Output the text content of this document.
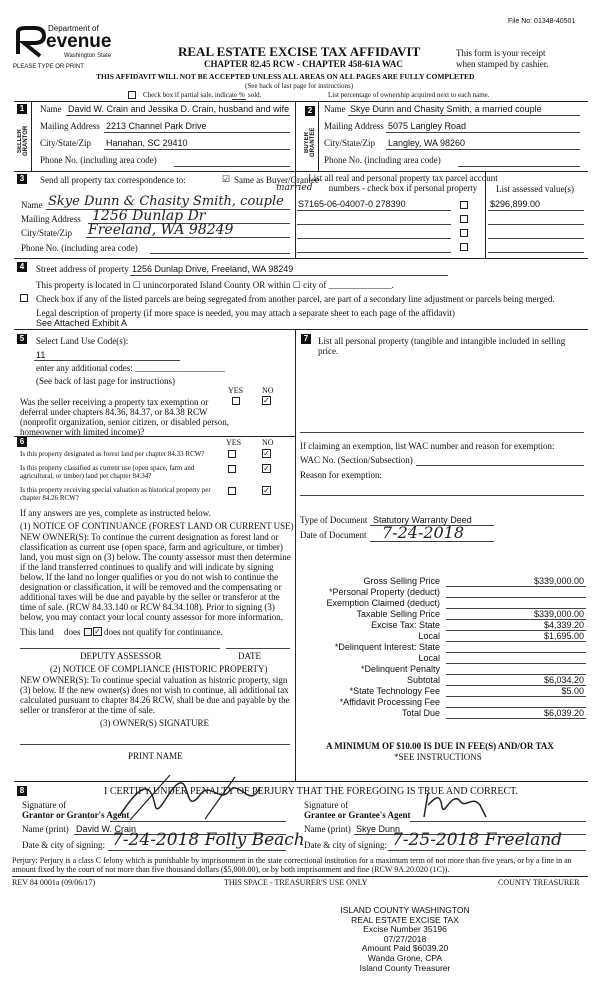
File No: 01348-40501
Department of
evenue
Washington State
PLEASE TYPE OR PRINT
REAL ESTATE EXCISE TAX AFFIDAVIT
CHAPTER 82.45 RCW - CHAPTER 458-61A WAC
This form is your receipt
when stamped by cashier.
THIS AFFIDAVIT WILL NOT BE ACCEPTED UNLESS ALL AREAS ON ALL PAGES ARE FULLY COMPLETED
(See back of last page for instructions)
Check box if partial sale, indicate % sold.	List percentage of ownership acquired next to each name.
1
SELLER GRANTOR
Name David W. Crain and Jessika D. Crain, husband and wife
Mailing Address 2213 Channel Park Drive
City/State/Zip Hanahan, SC 29410
Phone No. (including area code)
2
BUYER GRANTEE
Name Skye Dunn and Chasity Smith, a married couple
Mailing Address 5075 Langley Road
City/State/Zip Langley, WA 98260
Phone No. (including area code)
3	Send all property tax correspondence to:	☑ Same as Buyer/Grantee
married
Name Skye Dunn & Chasity Smith, couple
Mailing Address 1256 Dunlap Dr
City/State/Zip Freeland, WA 98249
Phone No. (including area code)
List all real and personal property tax parcel account numbers - check box if personal property	List assessed value(s)
S7165-06-04007-0 278390	$296,899.00
4	Street address of property 1256 Dunlap Drive, Freeland, WA 98249
This property is located in ☐ unincorporated Island County OR within ☐ city of ______________.
Check box if any of the listed parcels are being segregated from another parcel, are part of a secondary line adjustment or parcels being merged.
Legal description of property (if more space is needed, you may attach a separate sheet to each page of the affidavit)
See Attached Exhibit A
5	Select Land Use Code(s):
11
enter any additional codes: ____________________
(See back of last page for instructions)
YES NO
Was the seller receiving a property tax exemption or deferral under chapters 84.36, 84.37, or 84.38 RCW (nonprofit organization, senior citizen, or disabled person, homeowner with limited income)?
✓
6	YES	NO
Is this property designated as forest land per chapter 84.33 RCW?	✓
Is this property classified as current use (open space, farm and agricultural, or timber) land per chapter 84.34?
✓
Is this property receiving special valuation as historical property per chapter 84.26 RCW?
✓
If any answers are yes, complete as instructed below.
(1) NOTICE OF CONTINUANCE (FOREST LAND OR CURRENT USE)
NEW OWNER(S): To continue the current designation as forest land or classification as current use (open space, farm and agriculture, or timber) land, you must sign on (3) below. The county assessor must then determine if the land transferred continues to qualify and will indicate by signing below. If the land no longer qualifies or you do not wish to continue the designation or classification, it will be removed and the compensating or additional taxes will be due and payable by the seller or transferor at the time of sale. (RCW 84.33.140 or RCW 84.34.108). Prior to signing (3) below, you may contact your local county assessor for more information.
This land does ✓ does not qualify for continuance.
DEPUTY ASSESSOR	DATE
(2) NOTICE OF COMPLIANCE (HISTORIC PROPERTY)
NEW OWNER(S): To continue special valuation as historic property, sign (3) below. If the new owner(s) does not wish to continue, all additional tax calculated pursuant to chapter 84.26 RCW, shall be due and payable by the seller or transferor at the time of sale.
(3) OWNER(S) SIGNATURE
PRINT NAME
7	List all personal property (tangible and intangible included in selling price.
If claiming an exemption, list WAC number and reason for exemption:
WAC No. (Section/Subsection)
Reason for exemption:
Type of Document Statutory Warranty Deed
Date of Document 7-24-2018
Gross Selling Price	$339,000.00
*Personal Property (deduct)
Exemption Claimed (deduct)
Taxable Selling Price	$339,000.00
Excise Tax: State	$4,339.20
Local	$1,695.00
*Delinquent Interest: State
Local
*Delinquent Penalty
Subtotal	$6,034.20
*State Technology Fee	$5.00
*Affidavit Processing Fee
Total Due	$6,039.20
A MINIMUM OF $10.00 IS DUE IN FEE(S) AND/OR TAX
*SEE INSTRUCTIONS
8	I CERTIFY UNDER PENALTY OF PERJURY THAT THE FOREGOING IS TRUE AND CORRECT.
Signature of
Grantor or Grantor's Agent
Name (print) David W. Crain
Date & city of signing: 7-24-2018 Folly Beach
Signature of
Grantee or Grantee's Agent
Name (print) Skye Dunn
Date & city of signing: 7-25-2018 Freeland
Perjury: Perjury is a class C felony which is punishable by imprisonment in the state correctional institution for a maximum term of not more than five years, or by a fine in an amount fixed by the court of not more than five thousand dollars ($5,000.00), or by both imprisonment and fine (RCW 9A.20.020 (1C)).
REV 84 0001a (09/06/17)	THIS SPACE - TREASURER'S USE ONLY	COUNTY TREASURER
ISLAND COUNTY WASHINGTON
REAL ESTATE EXCISE TAX
Excise Number 35196
07/27/2018
Amount Paid $6039.20
Wanda Grone, CPA
Island County Treasurer
